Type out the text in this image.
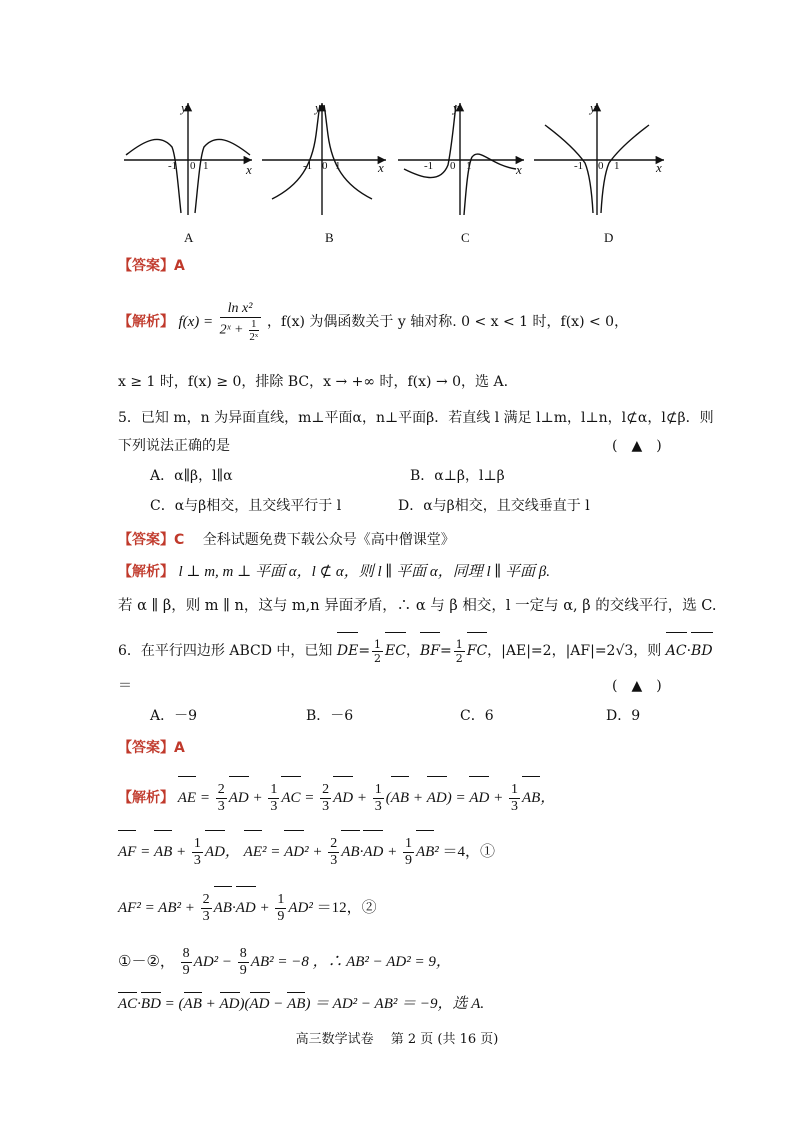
y
x
-1 0 1
y
x
-1 0 1
y
x
-1 0 1
y
x
-1 0 1
A	B	C	D
【答案】A
【解析】 $f(x) = \frac{\text{ln x²}}{2ˣ + \frac{1}{\text{2ˣ}}}$ ，f(x) 为偶函数关于 y 轴对称. 0 < x < 1 时，f(x) < 0，
x ≥ 1 时，f(x) ≥ 0，排除 BC，x → +∞ 时，f(x) → 0，选 A.
5．已知 m，n 为异面直线，m⊥平面α，n⊥平面β．若直线 l 满足 l⊥m，l⊥n，l⊄α，l⊄β．则
下列说法正确的是	(　▲　)
A．α∥β，l∥α	B．α⊥β，l⊥β
C．α与β相交，且交线平行于 l	D．α与β相交，且交线垂直于 l
【答案】C 全科试题免费下载公众号《高中僧课堂》
【解析】 l ⊥ m, m ⊥ 平面 α，l ⊄ α，则 l ∥ 平面 α，同理 l ∥ 平面 β.
若 α ∥ β，则 m ∥ n，这与 m,n 异面矛盾，∴ α 与 β 相交，l 一定与 α, β 的交线平行，选 C.
6．在平行四边形 ABCD 中，已知 $DE= \frac{1}{2}$ EC，$BF= \frac{1}{2}$ FC，|AE|=2，|AF|=2√3，则 AC·BD
＝	(　▲　)
A．－9	B．－6	C．6	D．9
【答案】A
【解析】 AE = $\frac{2}{3}$ AD + $\frac{1}{3}$ AC = $\frac{2}{3}$ AD + $\frac{1}{3} (AB + AD)$ = AD + $\frac{1}{3}$ AB，
AF = AB + $\frac{1}{3}$ AD， $AE^2 = AD^2 + \frac{2}{3} AB\cdot AD + \frac{1}{9} AB^2 =4$，①
$AF^2 = AB^2 + \frac{2}{3} AB\cdot AD + \frac{1}{9} AD^2 =12$，②
①－②， $\frac{8}{9} AD^2 - \frac{8}{9} AB^2 = -8$ ，∴ AB² − AD² = 9，
AC·BD = (AB + AD)(AD − AB) ＝ AD² − AB² ＝ −9，选 A.
高三数学试卷　 第 2 页 (共 16 页)
